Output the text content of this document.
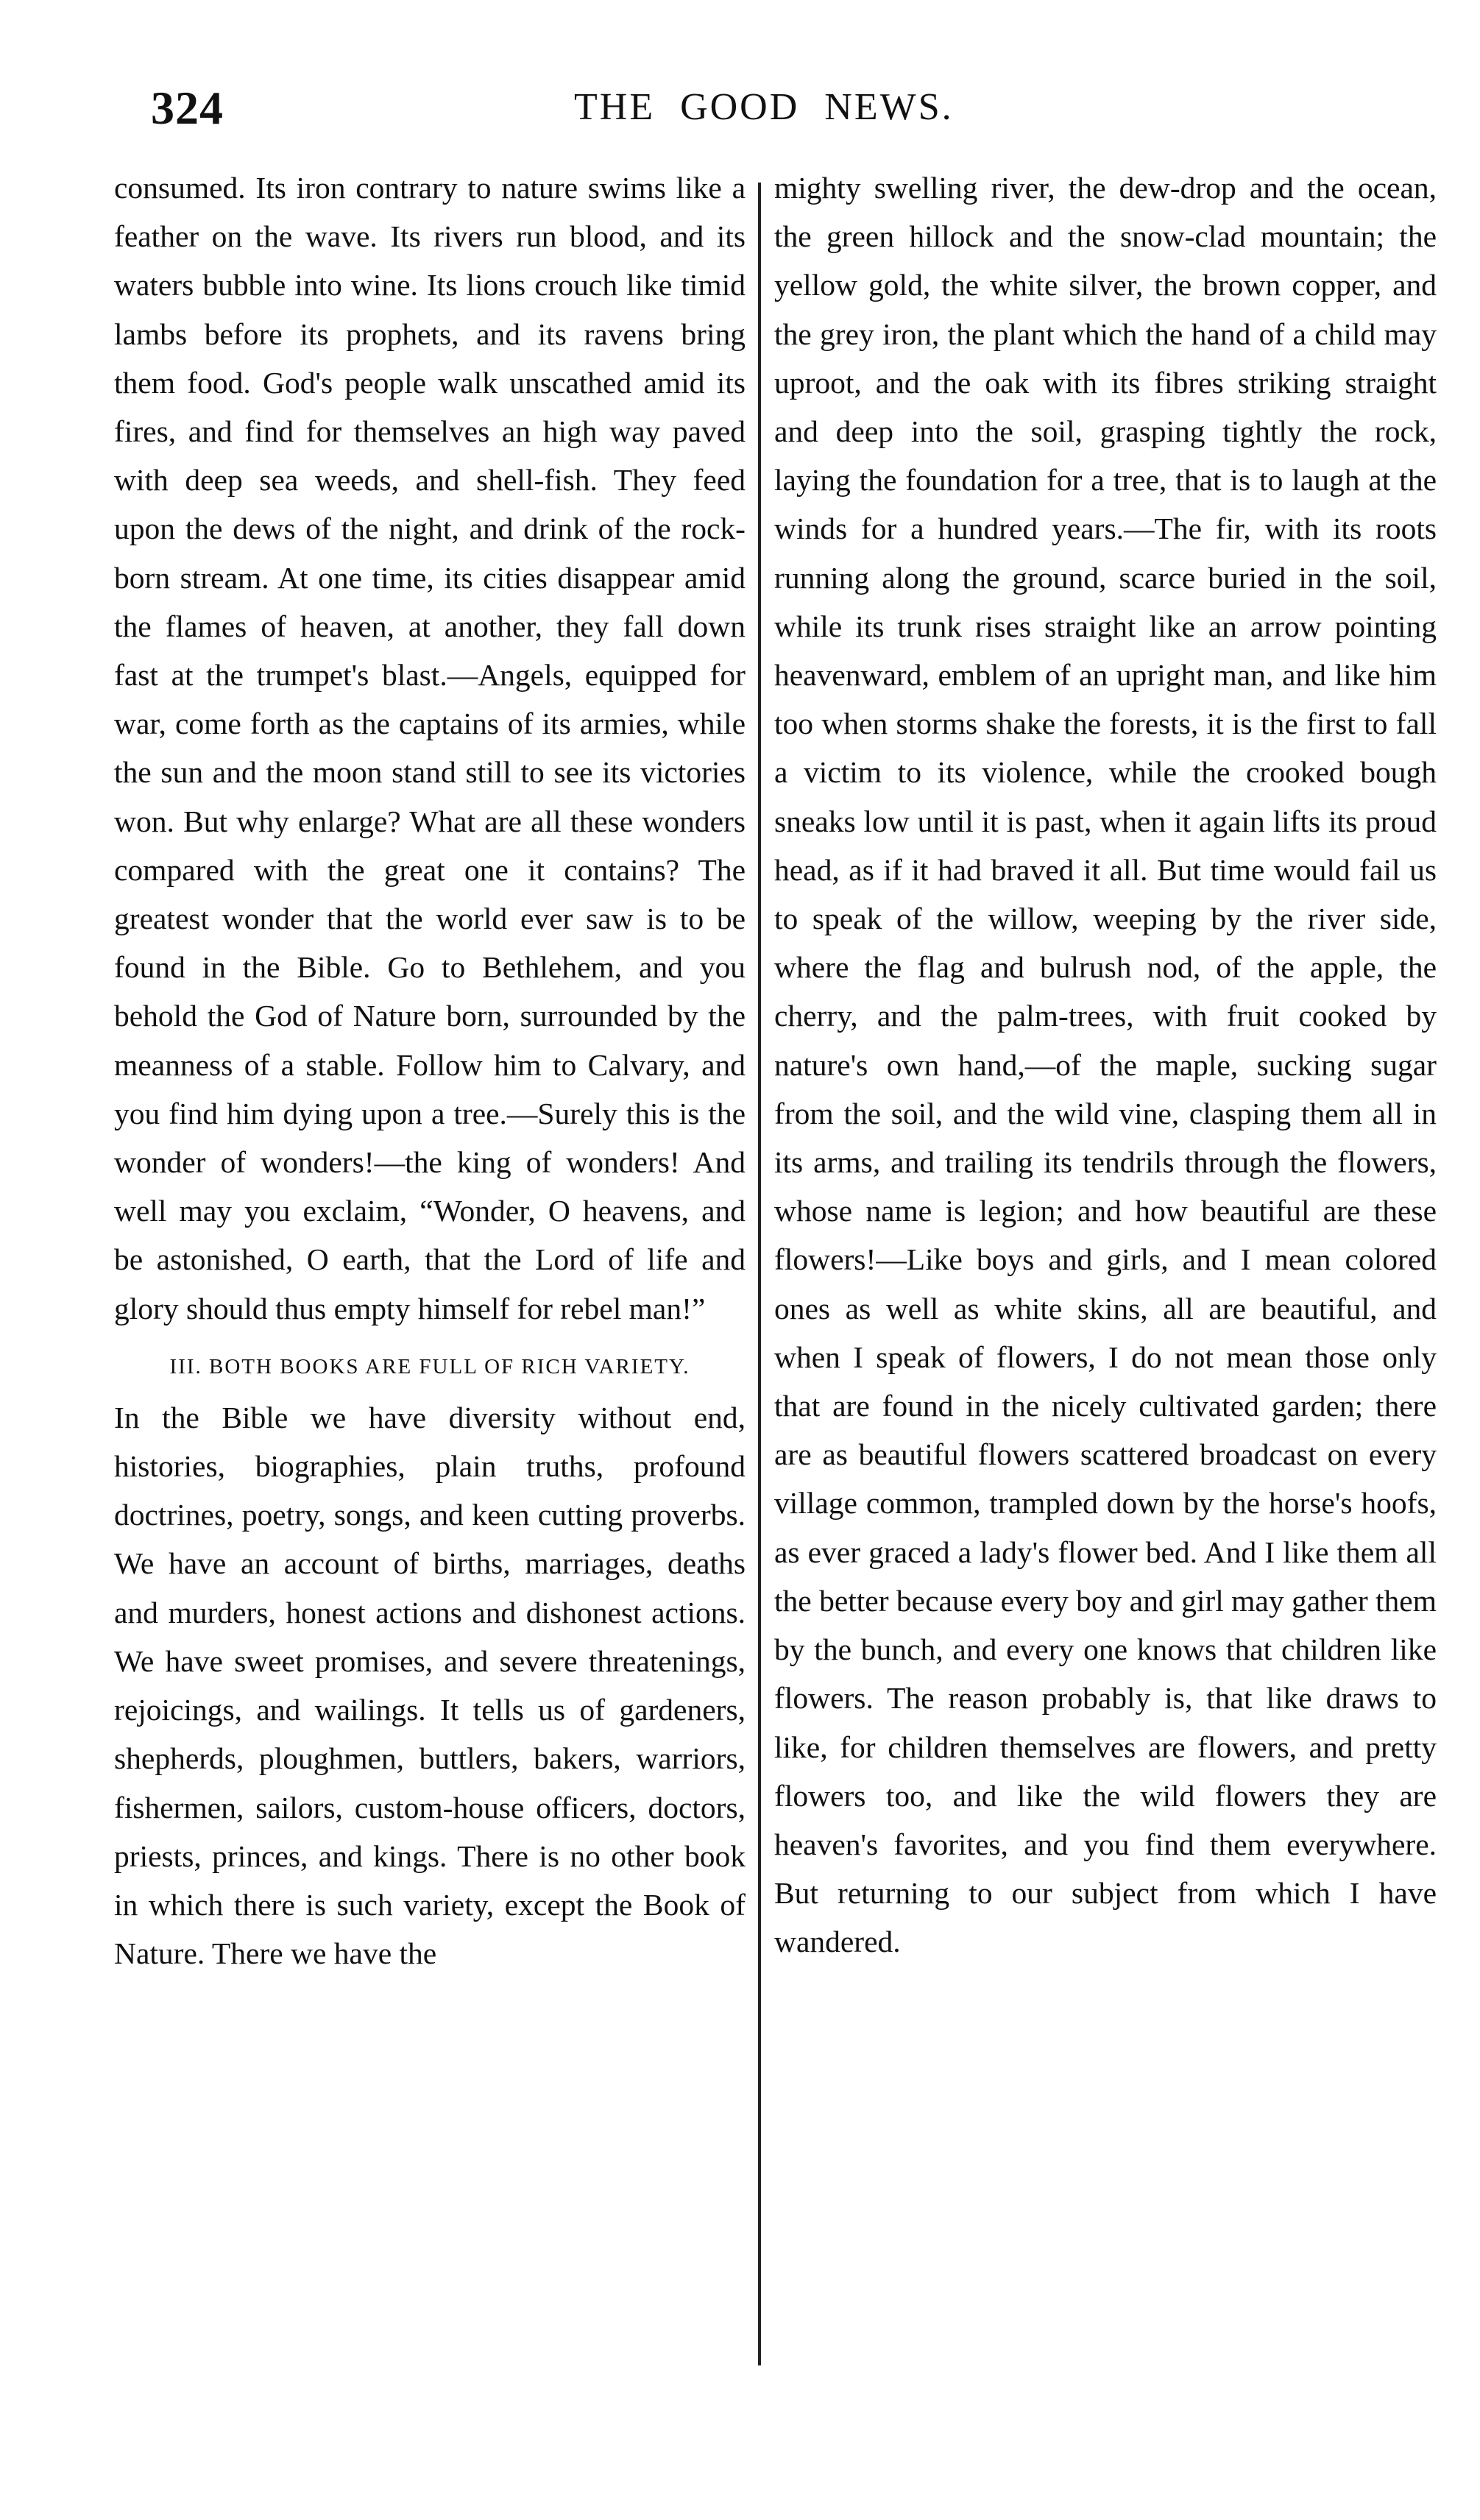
324	THE GOOD NEWS.

consumed. Its iron contrary to nature swims like a feather on the wave. Its rivers run blood, and its waters bubble into wine. Its lions crouch like timid lambs before its prophets, and its ravens bring them food. God's people walk unscathed amid its fires, and find for themselves an high way paved with deep sea weeds, and shell-fish. They feed upon the dews of the night, and drink of the rock-born stream. At one time, its cities disappear amid the flames of heaven, at another, they fall down fast at the trumpet's blast.—Angels, equipped for war, come forth as the captains of its armies, while the sun and the moon stand still to see its victories won. But why enlarge? What are all these wonders compared with the great one it contains? The greatest wonder that the world ever saw is to be found in the Bible. Go to Bethlehem, and you behold the God of Nature born, surrounded by the meanness of a stable. Follow him to Calvary, and you find him dying upon a tree.—Surely this is the wonder of wonders!—the king of wonders! And well may you exclaim, “Wonder, O heavens, and be astonished, O earth, that the Lord of life and glory should thus empty himself for rebel man!”

III. BOTH BOOKS ARE FULL OF RICH VARIETY.

In the Bible we have diversity without end, histories, biographies, plain truths, profound doctrines, poetry, songs, and keen cutting proverbs. We have an account of births, marriages, deaths and murders, honest actions and dishonest actions. We have sweet promises, and severe threatenings, rejoicings, and wailings. It tells us of gardeners, shepherds, ploughmen, buttlers, bakers, warriors, fishermen, sailors, custom-house officers, doctors, priests, princes, and kings. There is no other book in which there is such variety, except the Book of Nature. There we have the

mighty swelling river, the dew-drop and the ocean, the green hillock and the snow-clad mountain; the yellow gold, the white silver, the brown copper, and the grey iron, the plant which the hand of a child may uproot, and the oak with its fibres striking straight and deep into the soil, grasping tightly the rock, laying the foundation for a tree, that is to laugh at the winds for a hundred years.—The fir, with its roots running along the ground, scarce buried in the soil, while its trunk rises straight like an arrow pointing heavenward, emblem of an upright man, and like him too when storms shake the forests, it is the first to fall a victim to its violence, while the crooked bough sneaks low until it is past, when it again lifts its proud head, as if it had braved it all. But time would fail us to speak of the willow, weeping by the river side, where the flag and bulrush nod, of the apple, the cherry, and the palm-trees, with fruit cooked by nature's own hand,—of the maple, sucking sugar from the soil, and the wild vine, clasping them all in its arms, and trailing its tendrils through the flowers, whose name is legion; and how beautiful are these flowers!—Like boys and girls, and I mean colored ones as well as white skins, all are beautiful, and when I speak of flowers, I do not mean those only that are found in the nicely cultivated garden; there are as beautiful flowers scattered broadcast on every village common, trampled down by the horse's hoofs, as ever graced a lady's flower bed. And I like them all the better because every boy and girl may gather them by the bunch, and every one knows that children like flowers. The reason probably is, that like draws to like, for children themselves are flowers, and pretty flowers too, and like the wild flowers they are heaven's favorites, and you find them everywhere. But returning to our subject from which I have wandered.
